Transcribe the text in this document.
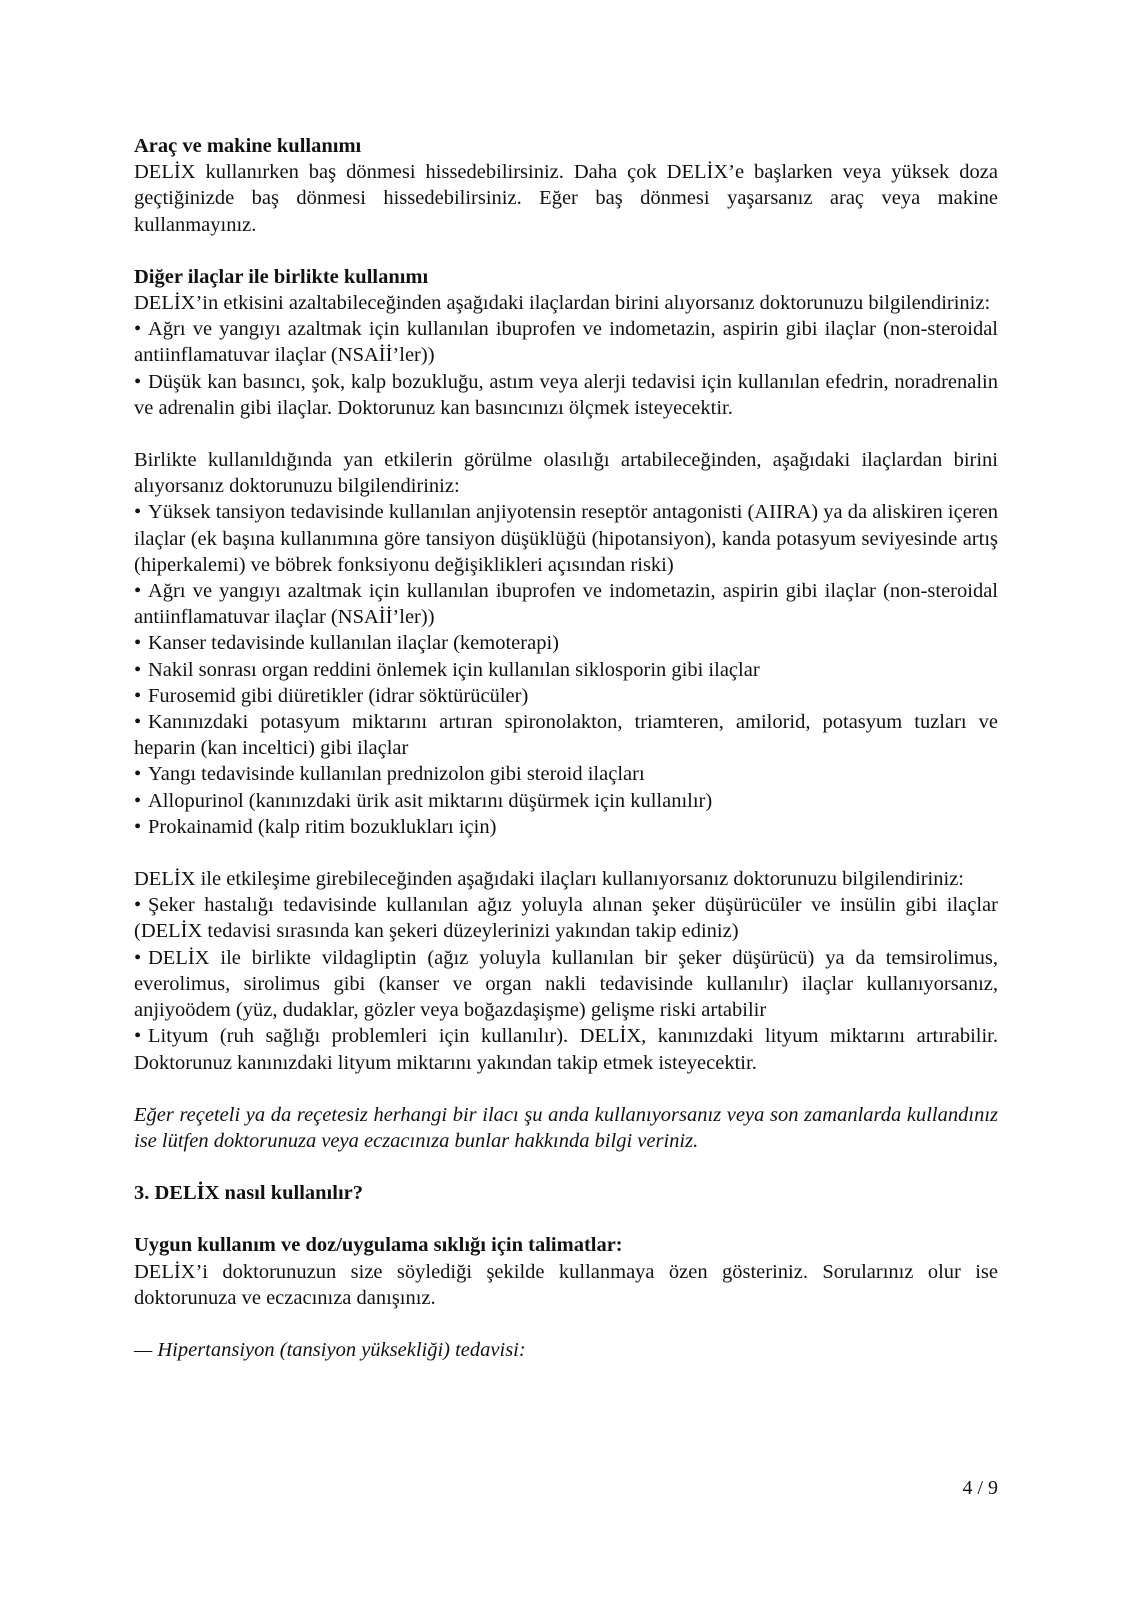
Araç ve makine kullanımı

DELİX kullanırken baş dönmesi hissedebilirsiniz. Daha çok DELİX’e başlarken veya yüksek doza geçtiğinizde baş dönmesi hissedebilirsiniz. Eğer baş dönmesi yaşarsanız araç veya makine kullanmayınız.

Diğer ilaçlar ile birlikte kullanımı

DELİX’in etkisini azaltabileceğinden aşağıdaki ilaçlardan birini alıyorsanız doktorunuzu bilgilendiriniz:

• Ağrı ve yangıyı azaltmak için kullanılan ibuprofen ve indometazin, aspirin gibi ilaçlar (non-steroidal antiinflamatuvar ilaçlar (NSAİİ’ler))

• Düşük kan basıncı, şok, kalp bozukluğu, astım veya alerji tedavisi için kullanılan efedrin, noradrenalin ve adrenalin gibi ilaçlar. Doktorunuz kan basıncınızı ölçmek isteyecektir.

Birlikte kullanıldığında yan etkilerin görülme olasılığı artabileceğinden, aşağıdaki ilaçlardan birini alıyorsanız doktorunuzu bilgilendiriniz:

• Yüksek tansiyon tedavisinde kullanılan anjiyotensin reseptör antagonisti (AIIRA) ya da aliskiren içeren ilaçlar (ek başına kullanımına göre tansiyon düşüklüğü (hipotansiyon), kanda potasyum seviyesinde artış (hiperkalemi) ve böbrek fonksiyonu değişiklikleri açısından riski)

• Ağrı ve yangıyı azaltmak için kullanılan ibuprofen ve indometazin, aspirin gibi ilaçlar (non-steroidal antiinflamatuvar ilaçlar (NSAİİ’ler))

• Kanser tedavisinde kullanılan ilaçlar (kemoterapi)

• Nakil sonrası organ reddini önlemek için kullanılan siklosporin gibi ilaçlar

• Furosemid gibi diüretikler (idrar söktürücüler)

• Kanınızdaki potasyum miktarını artıran spironolakton, triamteren, amilorid, potasyum tuzları ve heparin (kan inceltici) gibi ilaçlar

• Yangı tedavisinde kullanılan prednizolon gibi steroid ilaçları

• Allopurinol (kanınızdaki ürik asit miktarını düşürmek için kullanılır)

• Prokainamid (kalp ritim bozuklukları için)

DELİX ile etkileşime girebileceğinden aşağıdaki ilaçları kullanıyorsanız doktorunuzu bilgilendiriniz:

• Şeker hastalığı tedavisinde kullanılan ağız yoluyla alınan şeker düşürücüler ve insülin gibi ilaçlar (DELİX tedavisi sırasında kan şekeri düzeylerinizi yakından takip ediniz)

• DELİX ile birlikte vildagliptin (ağız yoluyla kullanılan bir şeker düşürücü) ya da temsirolimus, everolimus, sirolimus gibi (kanser ve organ nakli tedavisinde kullanılır) ilaçlar kullanıyorsanız, anjiyoödem (yüz, dudaklar, gözler veya boğazdaşişme) gelişme riski artabilir

• Lityum (ruh sağlığı problemleri için kullanılır). DELİX, kanınızdaki lityum miktarını artırabilir. Doktorunuz kanınızdaki lityum miktarını yakından takip etmek isteyecektir.

Eğer reçeteli ya da reçetesiz herhangi bir ilacı şu anda kullanıyorsanız veya son zamanlarda kullandınız ise lütfen doktorunuza veya eczacınıza bunlar hakkında bilgi veriniz.

3. DELİX nasıl kullanılır?

Uygun kullanım ve doz/uygulama sıklığı için talimatlar:

DELİX’i doktorunuzun size söylediği şekilde kullanmaya özen gösteriniz. Sorularınız olur ise doktorunuza ve eczacınıza danışınız.

— Hipertansiyon (tansiyon yüksekliği) tedavisi:

4 / 9
